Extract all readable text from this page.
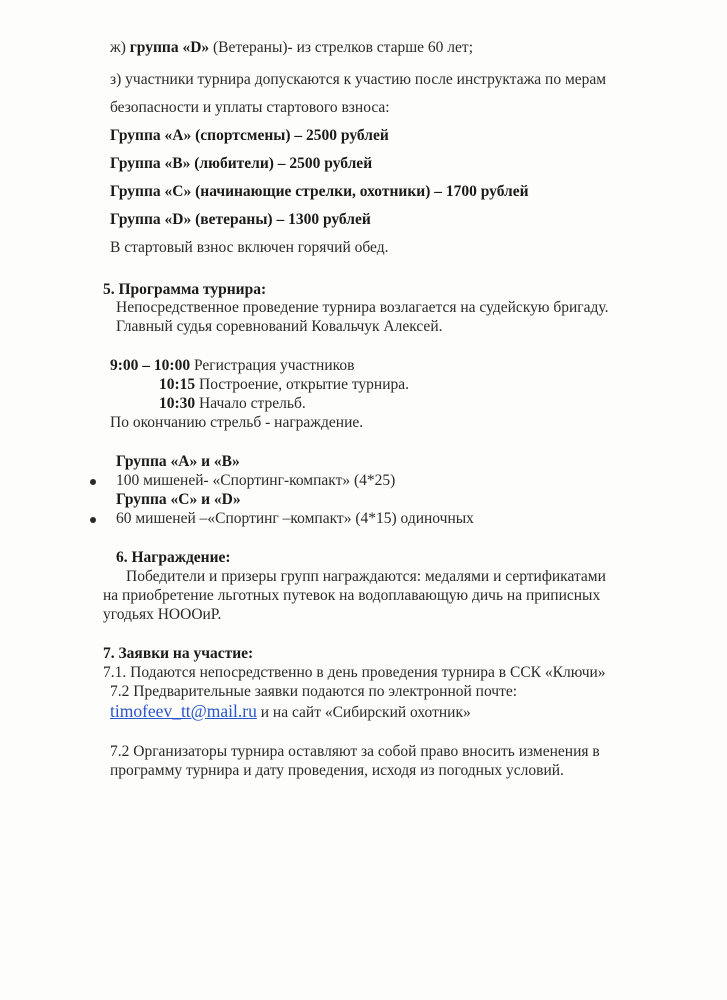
ж) группа «D» (Ветераны)- из стрелков старше 60 лет;
з) участники турнира допускаются к участию после инструктажа по мерам
безопасности и уплаты стартового взноса:
Группа «А» (спортсмены) – 2500 рублей
Группа «В» (любители) – 2500 рублей
Группа «С» (начинающие стрелки, охотники) – 1700 рублей
Группа «D» (ветераны) – 1300 рублей
В стартовый взнос включен горячий обед.
5. Программа турнира:
Непосредственное проведение турнира возлагается на судейскую бригаду.
Главный судья соревнований Ковальчук Алексей.
9:00 – 10:00 Регистрация участников
10:15 Построение, открытие турнира.
10:30 Начало стрельб.
По окончанию стрельб - награждение.
Группа «А» и «В»
100 мишеней- «Спортинг-компакт» (4*25)
Группа «С» и «D»
60 мишеней –«Спортинг –компакт» (4*15) одиночных
6. Награждение:
Победители и призеры групп награждаются: медалями и сертификатами
на приобретение льготных путевок на водоплавающую дичь на приписных
угодьях НОООиР.
7. Заявки на участие:
7.1. Подаются непосредственно в день проведения турнира в ССК «Ключи»
7.2 Предварительные заявки подаются по электронной почте:
timofeev_tt@mail.ru и на сайт «Сибирский охотник»
7.2 Организаторы турнира оставляют за собой право вносить изменения в
программу турнира и дату проведения, исходя из погодных условий.
